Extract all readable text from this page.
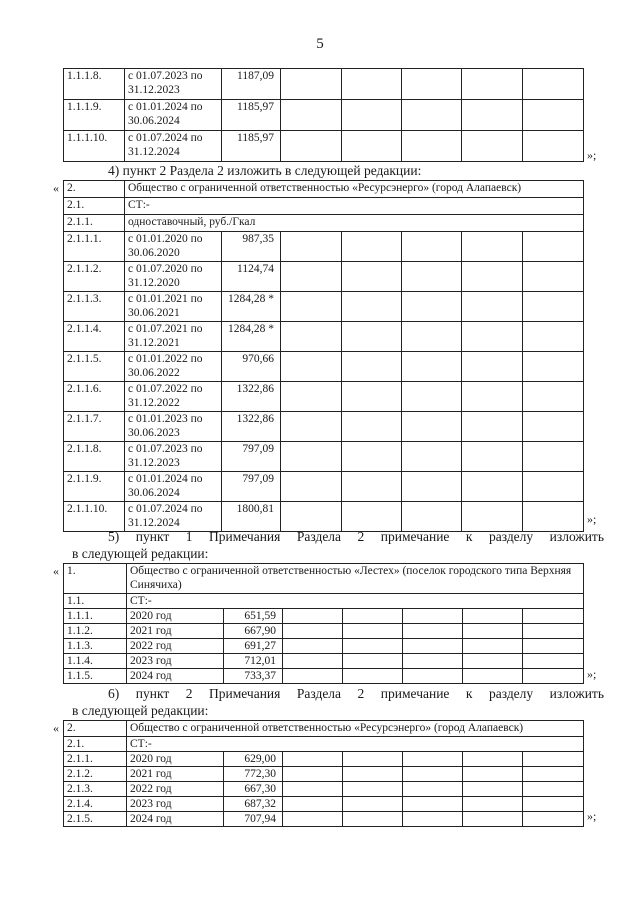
5
1.1.1.8.	с 01.07.2023 по 31.12.2023	1187,09					
1.1.1.9.	с 01.01.2024 по 30.06.2024	1185,97					
1.1.1.10.	с 01.07.2024 по 31.12.2024	1185,97					
»;
4) пункт 2 Раздела 2 изложить в следующей редакции:
« 2.	Общество с ограниченной ответственностью «Ресурсэнерго» (город Алапаевск)						
2.1.	СТ:-						
2.1.1.	одноставочный, руб./Гкал						
2.1.1.1.	с 01.01.2020 по 30.06.2020	987,35					
2.1.1.2.	с 01.07.2020 по 31.12.2020	1124,74					
2.1.1.3.	с 01.01.2021 по 30.06.2021	1284,28 *					
2.1.1.4.	с 01.07.2021 по 31.12.2021	1284,28 *					
2.1.1.5.	с 01.01.2022 по 30.06.2022	970,66					
2.1.1.6.	с 01.07.2022 по 31.12.2022	1322,86					
2.1.1.7.	с 01.01.2023 по 30.06.2023	1322,86					
2.1.1.8.	с 01.07.2023 по 31.12.2023	797,09					
2.1.1.9.	с 01.01.2024 по 30.06.2024	797,09					
2.1.1.10.	с 01.07.2024 по 31.12.2024	1800,81					
»;
5) пункт 1 Примечания Раздела 2 примечание к разделу изложить
в следующей редакции:
« 1.	Общество с ограниченной ответственностью «Лестех» (поселок городского типа Верхняя Синячиха)						
1.1.	СТ:-						
1.1.1.	2020 год	651,59					
1.1.2.	2021 год	667,90					
1.1.3.	2022 год	691,27					
1.1.4.	2023 год	712,01					
1.1.5.	2024 год	733,37						»;
6) пункт 2 Примечания Раздела 2 примечание к разделу изложить
в следующей редакции:
« 2.	Общество с ограниченной ответственностью «Ресурсэнерго» (город Алапаевск)						
2.1.	СТ:-						
2.1.1.	2020 год	629,00					
2.1.2.	2021 год	772,30					
2.1.3.	2022 год	667,30					
2.1.4.	2023 год	687,32					
2.1.5.	2024 год	707,94						»;
